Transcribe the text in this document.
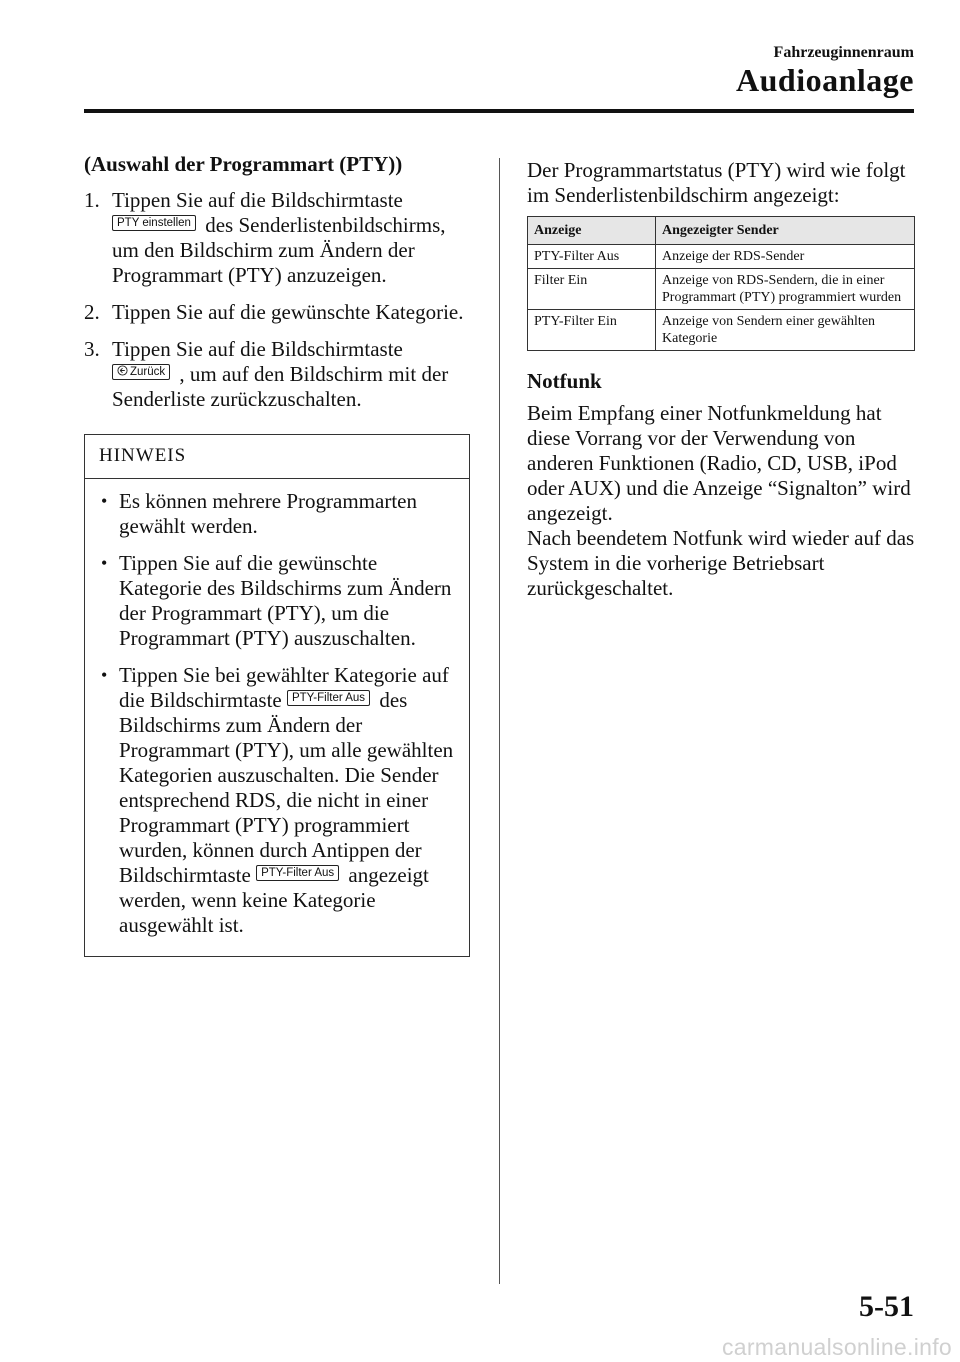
Fahrzeuginnenraum
Audioanlage
(Auswahl der Programmart (PTY))
1. Tippen Sie auf die Bildschirmtaste PTY einstellen des Senderlistenbildschirms, um den Bildschirm zum Ändern der Programmart (PTY) anzuzeigen.
2. Tippen Sie auf die gewünschte Kategorie.
3. Tippen Sie auf die Bildschirmtaste Zurück , um auf den Bildschirm mit der Senderliste zurückzuschalten.
HINWEIS
• Es können mehrere Programmarten gewählt werden.
• Tippen Sie auf die gewünschte Kategorie des Bildschirms zum Ändern der Programmart (PTY), um die Programmart (PTY) auszuschalten.
• Tippen Sie bei gewählter Kategorie auf die Bildschirmtaste PTY-Filter Aus des Bildschirms zum Ändern der Programmart (PTY), um alle gewählten Kategorien auszuschalten. Die Sender entsprechend RDS, die nicht in einer Programmart (PTY) programmiert wurden, können durch Antippen der Bildschirmtaste PTY-Filter Aus angezeigt werden, wenn keine Kategorie ausgewählt ist.

Der Programmartstatus (PTY) wird wie folgt im Senderlistenbildschirm angezeigt:

Anzeige	Angezeigter Sender
PTY-Filter Aus	Anzeige der RDS-Sender
Filter Ein	Anzeige von RDS-Sendern, die in einer Programmart (PTY) programmiert wurden
PTY-Filter Ein	Anzeige von Sendern einer gewählten Kategorie
Notfunk

Beim Empfang einer Notfunkmeldung hat diese Vorrang vor der Verwendung von anderen Funktionen (Radio, CD, USB, iPod oder AUX) und die Anzeige “Signalton” wird angezeigt.

Nach beendetem Notfunk wird wieder auf das System in die vorherige Betriebsart zurückgeschaltet.

5-51
carmanualsonline.info
